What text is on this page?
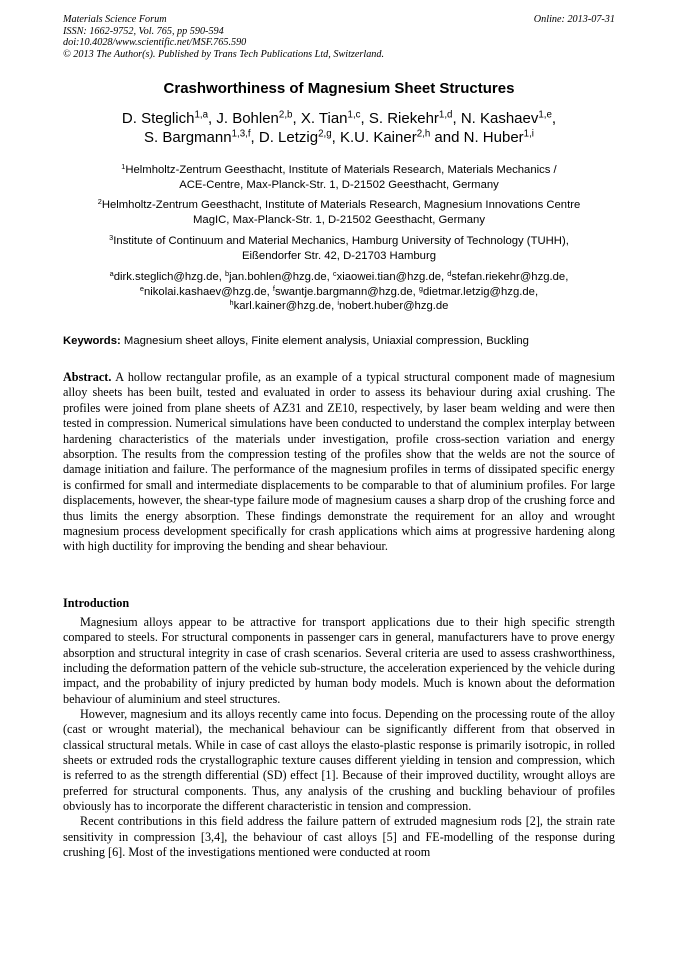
Materials Science Forum
ISSN: 1662-9752, Vol. 765, pp 590-594
doi:10.4028/www.scientific.net/MSF.765.590
© 2013 The Author(s). Published by Trans Tech Publications Ltd, Switzerland.
Online: 2013-07-31
Crashworthiness of Magnesium Sheet Structures
D. Steglich$^{1,a}$, J. Bohlen$^{2,b}$, X. Tian$^{1,c}$, S. Riekehr$^{1,d}$, N. Kashaev$^{1,e}$,
S. Bargmann$^{1,3,f}$, D. Letzig$^{2,g}$, K.U. Kainer$^{2,h}$ and N. Huber$^{1,i}$
$^1$Helmholtz-Zentrum Geesthacht, Institute of Materials Research, Materials Mechanics /
ACE-Centre, Max-Planck-Str. 1, D-21502 Geesthacht, Germany
$^2$Helmholtz-Zentrum Geesthacht, Institute of Materials Research, Magnesium Innovations Centre
MagIC, Max-Planck-Str. 1, D-21502 Geesthacht, Germany
$^3$Institute of Continuum and Material Mechanics, Hamburg University of Technology (TUHH),
Eißendorfer Str. 42, D-21703 Hamburg
$^a$dirk.steglich@hzg.de, $^b$jan.bohlen@hzg.de, $^c$xiaowei.tian@hzg.de, $^d$stefan.riekehr@hzg.de,
$^e$nikolai.kashaev@hzg.de, $^f$swantje.bargmann@hzg.de, $^g$dietmar.letzig@hzg.de,
$^h$karl.kainer@hzg.de, $^i$nobert.huber@hzg.de
Keywords: Magnesium sheet alloys, Finite element analysis, Uniaxial compression, Buckling
Abstract. A hollow rectangular profile, as an example of a typical structural component made of magnesium alloy sheets has been built, tested and evaluated in order to assess its behaviour during axial crushing. The profiles were joined from plane sheets of AZ31 and ZE10, respectively, by laser beam welding and were then tested in compression. Numerical simulations have been conducted to understand the complex interplay between hardening characteristics of the materials under investigation, profile cross-section variation and energy absorption. The results from the compression testing of the profiles show that the welds are not the source of damage initiation and failure. The performance of the magnesium profiles in terms of dissipated specific energy is confirmed for small and intermediate displacements to be comparable to that of aluminium profiles. For large displacements, however, the shear-type failure mode of magnesium causes a sharp drop of the crushing force and thus limits the energy absorption. These findings demonstrate the requirement for an alloy and wrought magnesium process development specifically for crash applications which aims at progressive hardening along with high ductility for improving the bending and shear behaviour.
Introduction

Magnesium alloys appear to be attractive for transport applications due to their high specific strength compared to steels. For structural components in passenger cars in general, manufacturers have to prove energy absorption and structural integrity in case of crash scenarios. Several criteria are used to assess crashworthiness, including the deformation pattern of the vehicle sub-structure, the acceleration experienced by the vehicle during impact, and the probability of injury predicted by human body models. Much is known about the deformation behaviour of aluminium and steel structures.

However, magnesium and its alloys recently came into focus. Depending on the processing route of the alloy (cast or wrought material), the mechanical behaviour can be significantly different from that observed in classical structural metals. While in case of cast alloys the elasto-plastic response is primarily isotropic, in rolled sheets or extruded rods the crystallographic texture causes different yielding in tension and compression, which is referred to as the strength differential (SD) effect [1]. Because of their improved ductility, wrought alloys are preferred for structural components. Thus, any analysis of the crushing and buckling behaviour of profiles obviously has to incorporate the different characteristic in tension and compression.

Recent contributions in this field address the failure pattern of extruded magnesium rods [2], the strain rate sensitivity in compression [3,4], the behaviour of cast alloys [5] and FE-modelling of the response during crushing [6]. Most of the investigations mentioned were conducted at room
